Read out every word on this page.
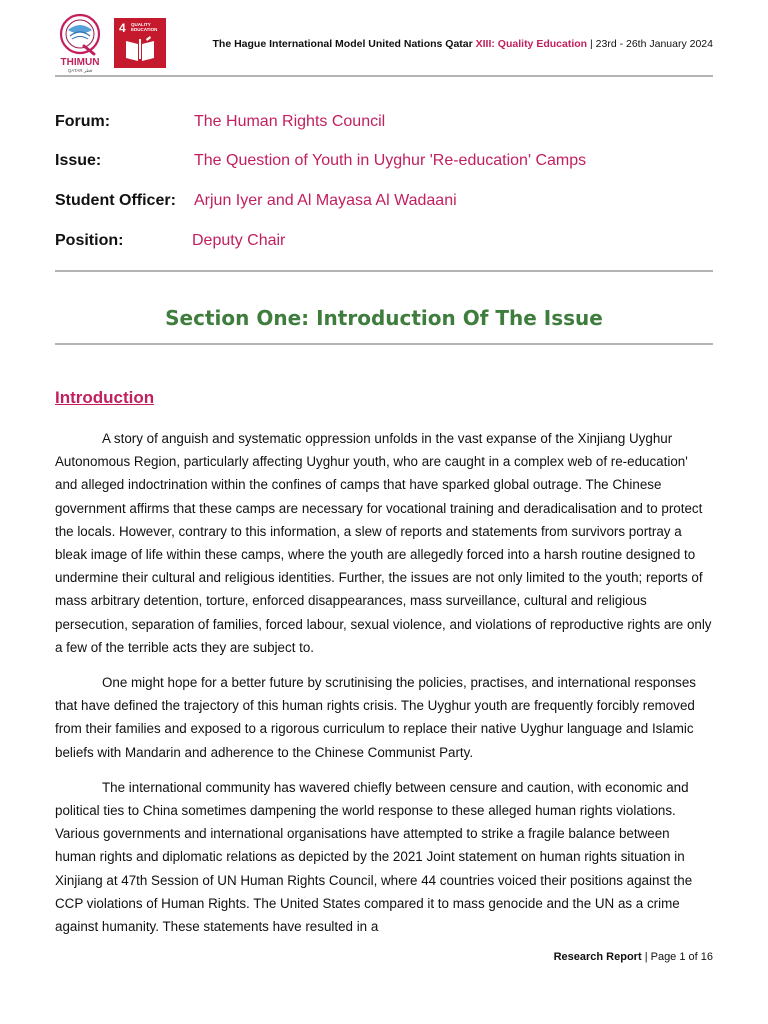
THIMUN
QATAR قطر
4 QUALITY EDUCATION
The Hague International Model United Nations Qatar XIII: Quality Education | 23rd - 26th January 2024
Forum:	The Human Rights Council
Issue:	The Question of Youth in Uyghur 'Re-education' Camps
Student Officer: Arjun Iyer and Al Mayasa Al Wadaani
Position:	Deputy Chair
Section One: Introduction Of The Issue
Introduction

A story of anguish and systematic oppression unfolds in the vast expanse of the Xinjiang Uyghur Autonomous Region, particularly affecting Uyghur youth, who are caught in a complex web of re-education' and alleged indoctrination within the confines of camps that have sparked global outrage. The Chinese government affirms that these camps are necessary for vocational training and deradicalisation and to protect the locals. However, contrary to this information, a slew of reports and statements from survivors portray a bleak image of life within these camps, where the youth are allegedly forced into a harsh routine designed to undermine their cultural and religious identities. Further, the issues are not only limited to the youth; reports of mass arbitrary detention, torture, enforced disappearances, mass surveillance, cultural and religious persecution, separation of families, forced labour, sexual violence, and violations of reproductive rights are only a few of the terrible acts they are subject to.

One might hope for a better future by scrutinising the policies, practises, and international responses that have defined the trajectory of this human rights crisis. The Uyghur youth are frequently forcibly removed from their families and exposed to a rigorous curriculum to replace their native Uyghur language and Islamic beliefs with Mandarin and adherence to the Chinese Communist Party.

The international community has wavered chiefly between censure and caution, with economic and political ties to China sometimes dampening the world response to these alleged human rights violations. Various governments and international organisations have attempted to strike a fragile balance between human rights and diplomatic relations as depicted by the 2021 Joint statement on human rights situation in Xinjiang at 47th Session of UN Human Rights Council, where 44 countries voiced their positions against the CCP violations of Human Rights. The United States compared it to mass genocide and the UN as a crime against humanity. These statements have resulted in a

Research Report | Page 1 of 16
